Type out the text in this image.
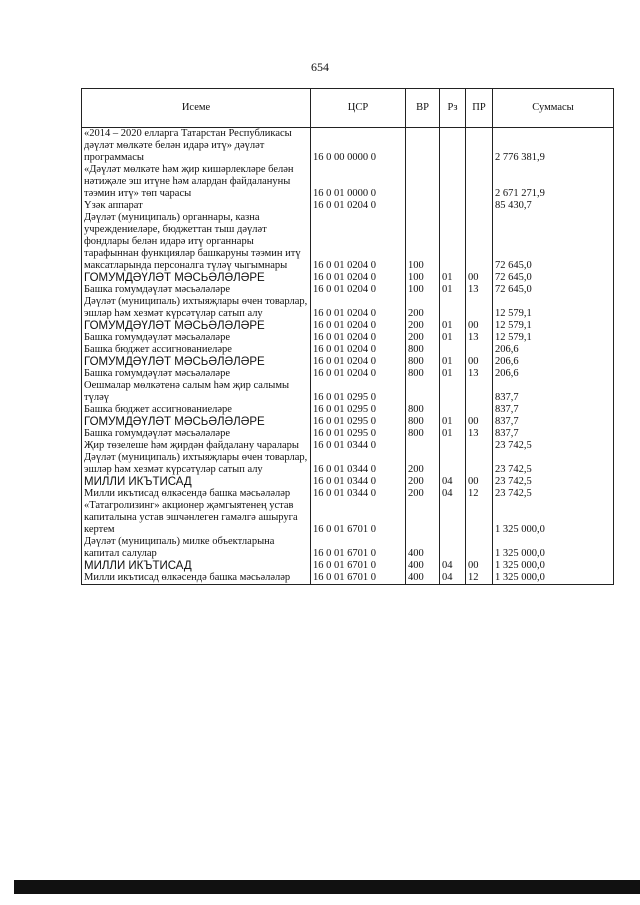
654
Исеме	ЦСР	ВР	Рз	ПР	Суммасы
«2014 – 2020 елларга Татарстан Республикасы дәүләт мөлкәте белән идарә итү» дәүләт программасы	16 0 00 0000 0				2 776 381,9
«Дәүләт мөлкәте һәм җир кишәрлекләре белән нәтиҗәле эш итүне һәм алардан файдалануны тәэмин итү» төп чарасы	16 0 01 0000 0				2 671 271,9
Үзәк аппарат	16 0 01 0204 0				85 430,7
Дәүләт (муниципаль) органнары, казна учреждениеләре, бюджеттан тыш дәүләт фондлары белән идарә итү органнары тарафыннан функцияләр башкаруны тәэмин итү максатларында персоналга түләү чыгымнары	16 0 01 0204 0	100			72 645,0
ГОМУМДӘҮЛӘТ МӘСЬӘЛӘЛӘРЕ	16 0 01 0204 0	100	01	00	72 645,0
Башка гомумдәүләт мәсьәләләре	16 0 01 0204 0	100	01	13	72 645,0
Дәүләт (муниципаль) ихтыяҗлары өчен товарлар, эшләр һәм хезмәт күрсәтүләр сатып алу	16 0 01 0204 0	200			12 579,1
ГОМУМДӘҮЛӘТ МӘСЬӘЛӘЛӘРЕ	16 0 01 0204 0	200	01	00	12 579,1
Башка гомумдәүләт мәсьәләләре	16 0 01 0204 0	200	01	13	12 579,1
Башка бюджет ассигнованиеләре	16 0 01 0204 0	800			206,6
ГОМУМДӘҮЛӘТ МӘСЬӘЛӘЛӘРЕ	16 0 01 0204 0	800	01	00	206,6
Башка гомумдәүләт мәсьәләләре	16 0 01 0204 0	800	01	13	206,6
Оешмалар мөлкәтенә салым һәм җир салымы түләү	16 0 01 0295 0				837,7
Башка бюджет ассигнованиеләре	16 0 01 0295 0	800			837,7
ГОМУМДӘҮЛӘТ МӘСЬӘЛӘЛӘРЕ	16 0 01 0295 0	800	01	00	837,7
Башка гомумдәүләт мәсьәләләре	16 0 01 0295 0	800	01	13	837,7
Җир төзелеше һәм җирдән файдалану чаралары	16 0 01 0344 0				23 742,5
Дәүләт (муниципаль) ихтыяҗлары өчен товарлар, эшләр һәм хезмәт күрсәтүләр сатып алу	16 0 01 0344 0	200			23 742,5
МИЛЛИ ИКЪТИСАД	16 0 01 0344 0	200	04	00	23 742,5
Милли икътисад өлкәсендә башка мәсьәләләр	16 0 01 0344 0	200	04	12	23 742,5
«Татагролизинг» акционер җәмгыятенең устав капиталына устав эшчәнлеген гамәлгә ашыруга кертем	16 0 01 6701 0				1 325 000,0
Дәүләт (муниципаль) милке объектларына капитал салулар	16 0 01 6701 0	400			1 325 000,0
МИЛЛИ ИКЪТИСАД	16 0 01 6701 0	400	04	00	1 325 000,0
Милли икътисад өлкәсендә башка мәсьәләләр	16 0 01 6701 0	400	04	12	1 325 000,0
